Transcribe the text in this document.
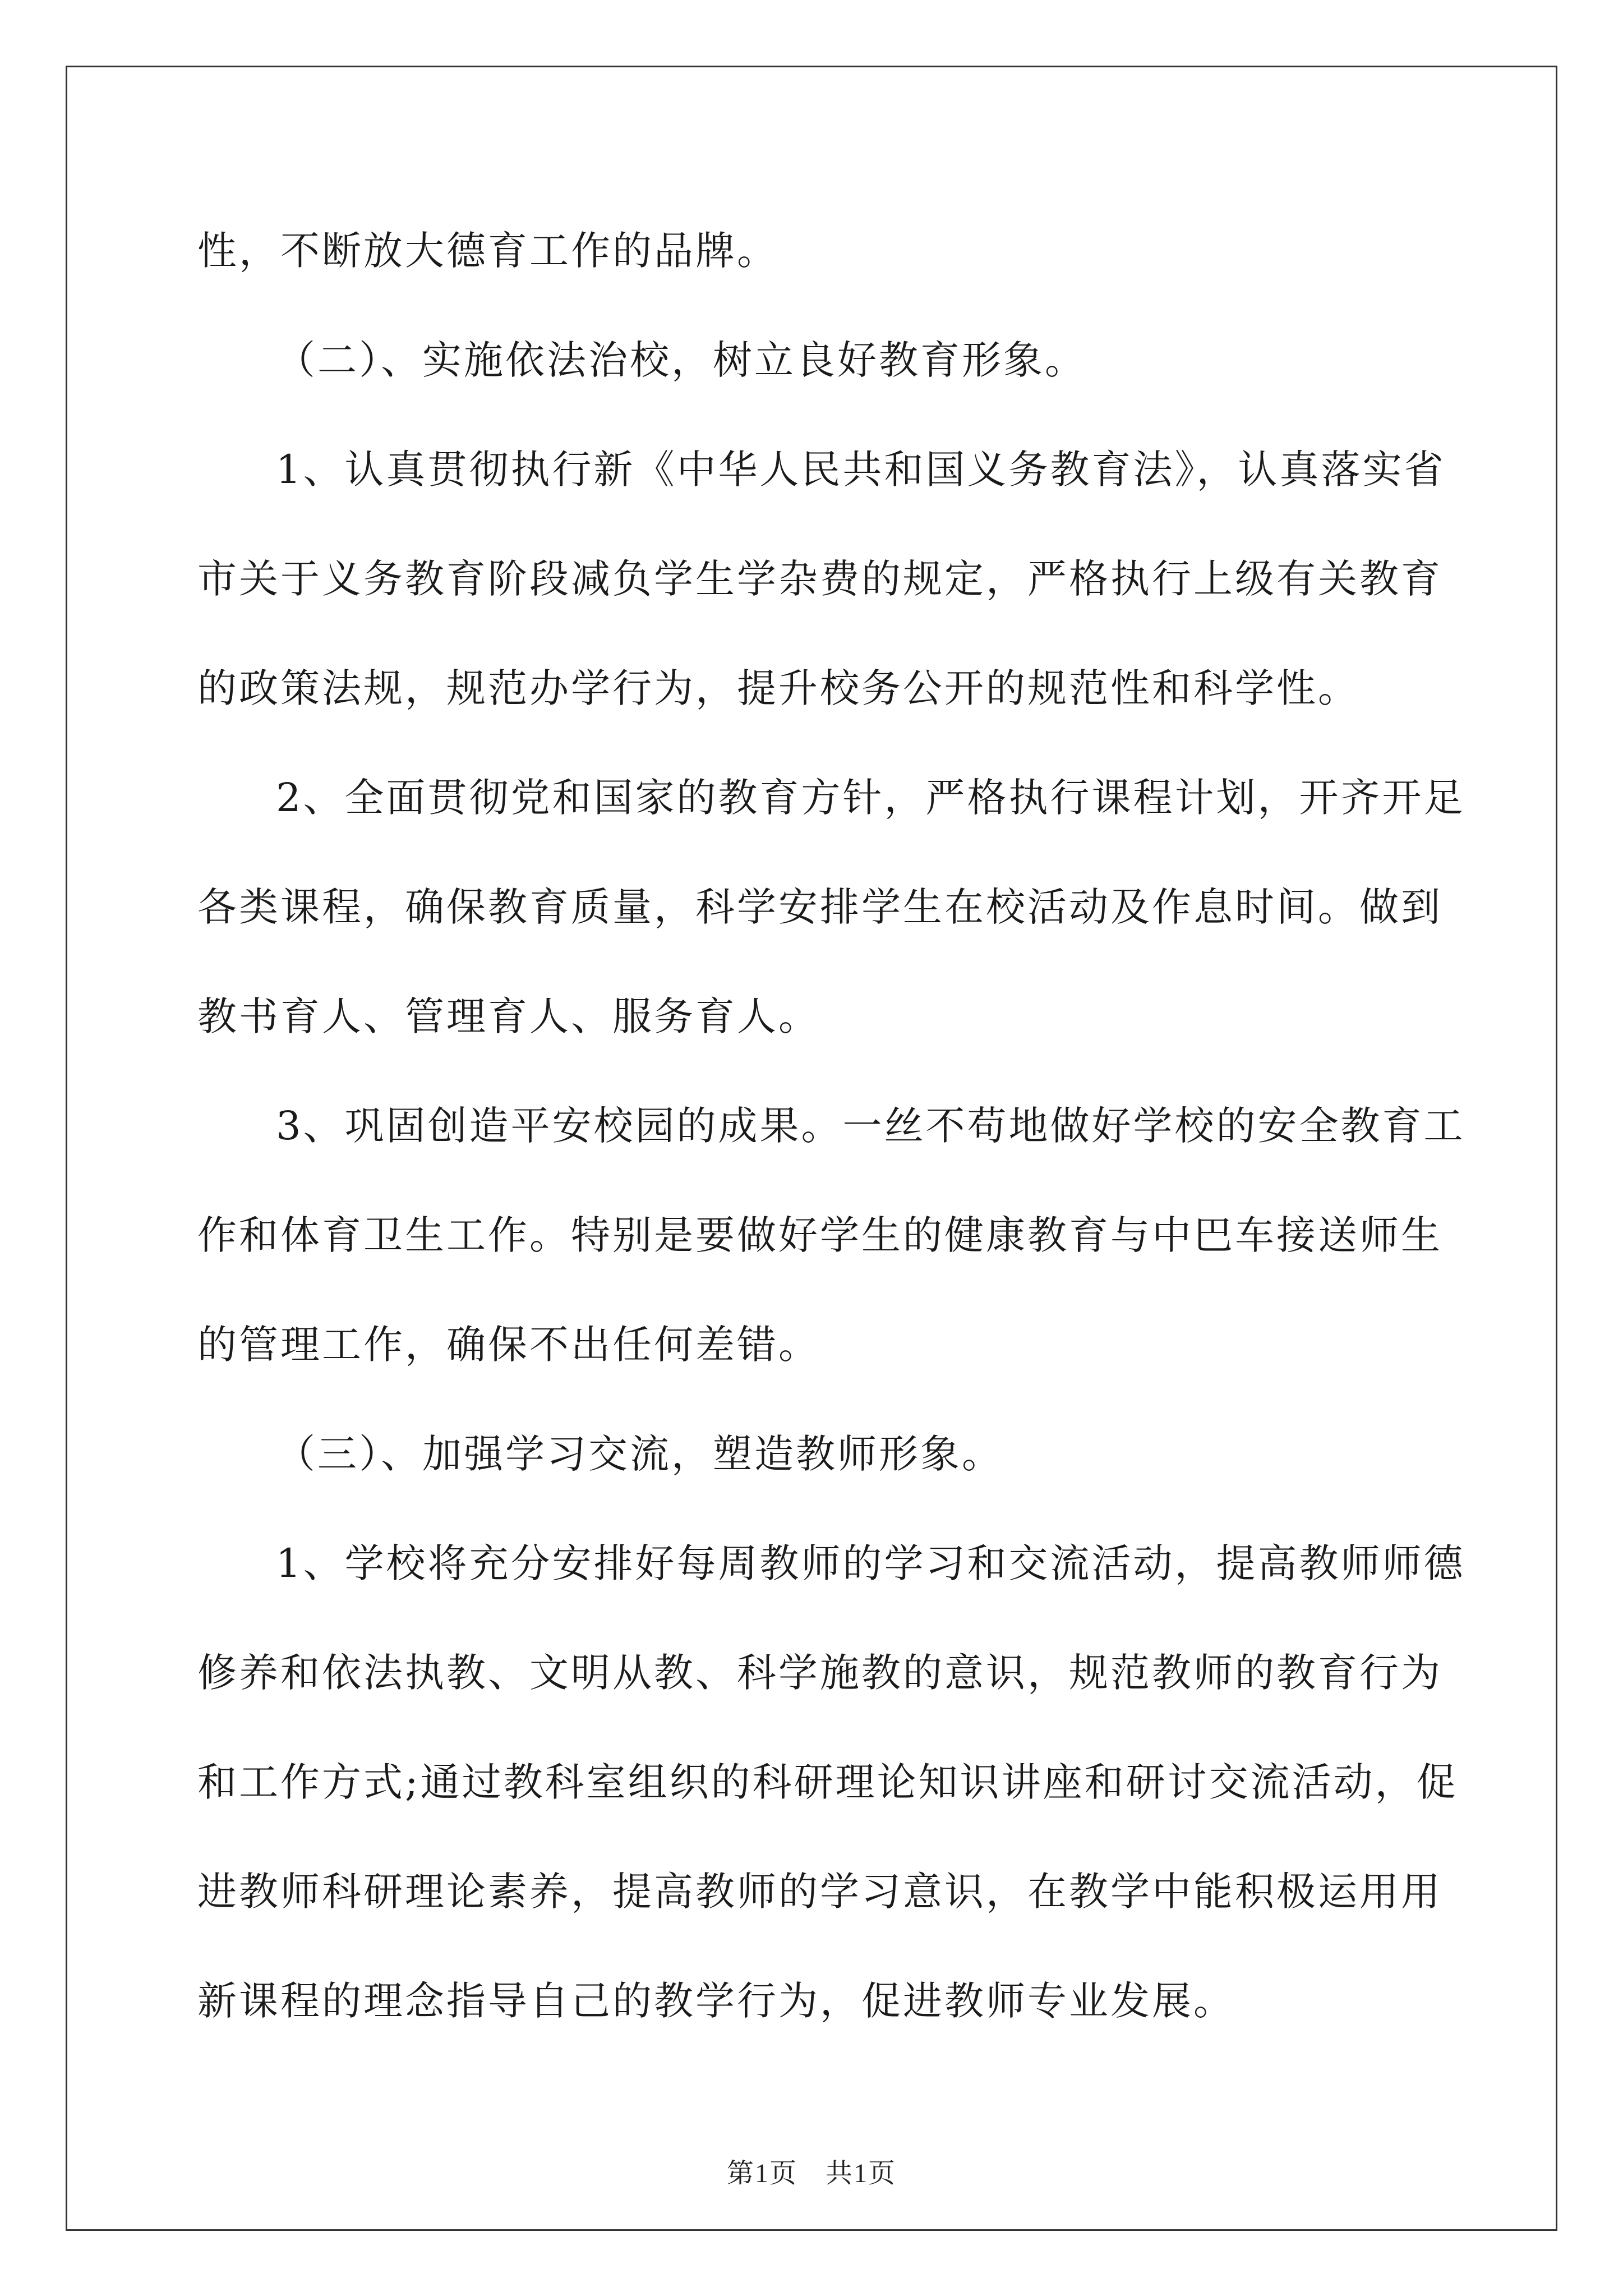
性，不断放大德育工作的品牌。
（二）、实施依法治校，树立良好教育形象。
1、认真贯彻执行新《中华人民共和国义务教育法》，认真落实省
市关于义务教育阶段减负学生学杂费的规定，严格执行上级有关教育
的政策法规，规范办学行为，提升校务公开的规范性和科学性。
2、全面贯彻党和国家的教育方针，严格执行课程计划，开齐开足
各类课程，确保教育质量，科学安排学生在校活动及作息时间。做到
教书育人、管理育人、服务育人。
3、巩固创造平安校园的成果。一丝不苟地做好学校的安全教育工
作和体育卫生工作。特别是要做好学生的健康教育与中巴车接送师生
的管理工作，确保不出任何差错。
（三）、加强学习交流，塑造教师形象。
1、学校将充分安排好每周教师的学习和交流活动，提高教师师德
修养和依法执教、文明从教、科学施教的意识，规范教师的教育行为
和工作方式;通过教科室组织的科研理论知识讲座和研讨交流活动，促
进教师科研理论素养，提高教师的学习意识，在教学中能积极运用用
新课程的理念指导自己的教学行为，促进教师专业发展。
第1页　共1页
